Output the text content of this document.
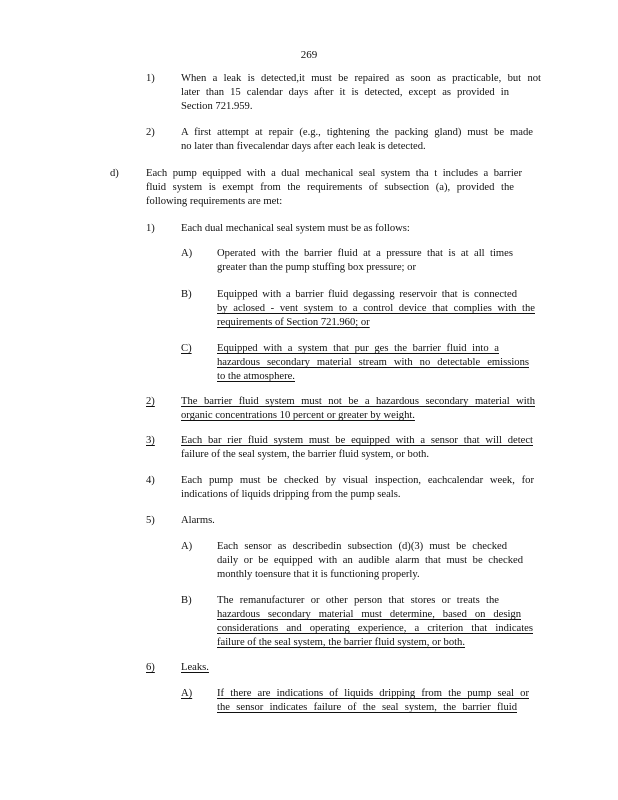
269
1) When a leak is detected,it must be repaired as soon as practicable, but not
later than 15 calendar days after it is detected, except as provided in
Section 721.959.
2) A first attempt at repair (e.g., tightening the packing gland) must be made
no later than fivecalendar days after each leak is detected.
d)	Each pump equipped with a dual mechanical seal system tha t includes a barrier
fluid system is exempt from the requirements of subsection (a), provided the
following requirements are met:
1) Each dual mechanical seal system must be as follows:
A) Operated with the barrier fluid at a pressure that is at all times
greater than the pump stuffing box pressure; or
B) Equipped with a barrier fluid degassing reservoir that is connected
by aclosed - vent system to a control device that complies with the
requirements of Section 721.960; or
C) Equipped with a system that pur ges the barrier fluid into a
hazardous secondary material stream with no detectable emissions
to the atmosphere.
2) The barrier fluid system must not be a hazardous secondary material with
organic concentrations 10 percent or greater by weight.
3) Each bar rier fluid system must be equipped with a sensor that will detect
failure of the seal system, the barrier fluid system, or both.
4) Each pump must be checked by visual inspection, eachcalendar week, for
indications of liquids dripping from the pump seals.
5) Alarms.
A) Each sensor as describedin subsection (d)(3) must be checked
daily or be equipped with an audible alarm that must be checked
monthly toensure that it is functioning properly.
B) The remanufacturer or other person that stores or treats the
hazardous secondary material must determine, based on design
considerations and operating experience, a criterion that indicates
failure of the seal system, the barrier fluid system, or both.
6) Leaks.
A) If there are indications of liquids dripping from the pump seal or
the sensor indicates failure of the seal system, the barrier fluid
